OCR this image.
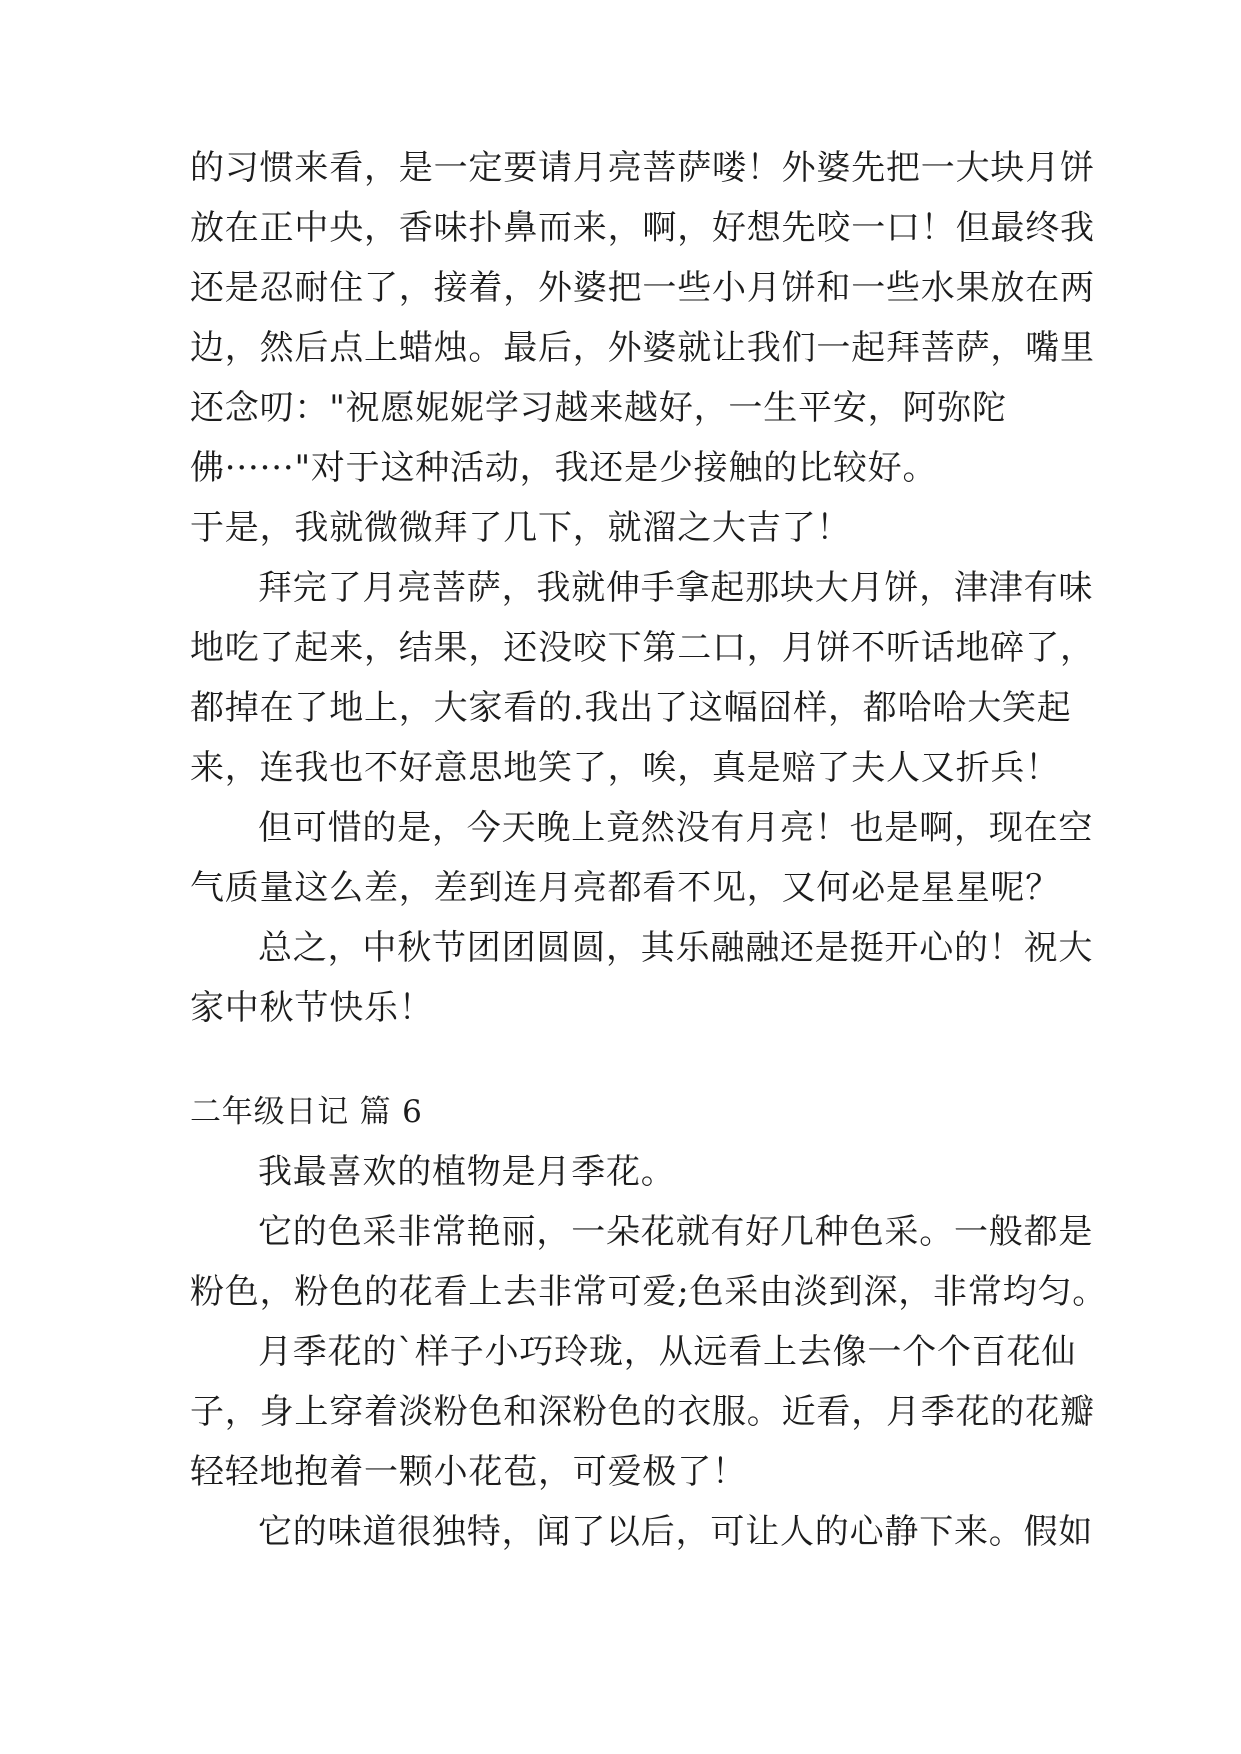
的习惯来看，是一定要请月亮菩萨喽！外婆先把一大块月饼
放在正中央，香味扑鼻而来，啊，好想先咬一口！但最终我
还是忍耐住了，接着，外婆把一些小月饼和一些水果放在两
边，然后点上蜡烛。最后，外婆就让我们一起拜菩萨，嘴里
还念叨："祝愿妮妮学习越来越好，一生平安，阿弥陀
佛······"对于这种活动，我还是少接触的比较好。
于是，我就微微拜了几下，就溜之大吉了！
拜完了月亮菩萨，我就伸手拿起那块大月饼，津津有味
地吃了起来，结果，还没咬下第二口，月饼不听话地碎了，
都掉在了地上，大家看的.我出了这幅囧样，都哈哈大笑起
来，连我也不好意思地笑了，唉，真是赔了夫人又折兵！
但可惜的是，今天晚上竟然没有月亮！也是啊，现在空
气质量这么差，差到连月亮都看不见，又何必是星星呢？
总之，中秋节团团圆圆，其乐融融还是挺开心的！祝大
家中秋节快乐！
二年级日记 篇 6
我最喜欢的植物是月季花。
它的色采非常艳丽，一朵花就有好几种色采。一般都是
粉色，粉色的花看上去非常可爱;色采由淡到深，非常均匀。
月季花的`样子小巧玲珑，从远看上去像一个个百花仙
子，身上穿着淡粉色和深粉色的衣服。近看，月季花的花瓣
轻轻地抱着一颗小花苞，可爱极了！
它的味道很独特，闻了以后，可让人的心静下来。假如
